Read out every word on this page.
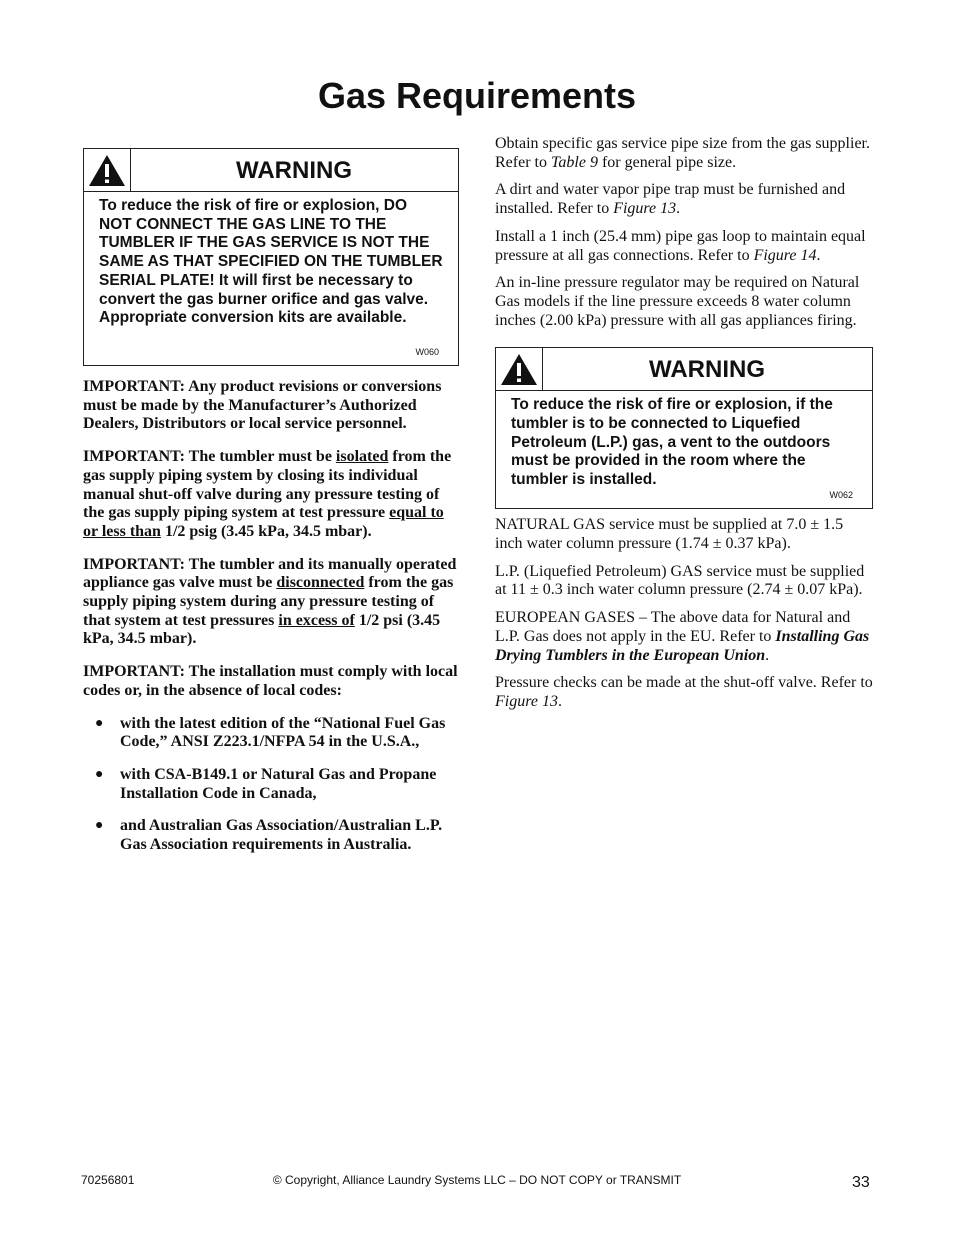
Gas Requirements
WARNING
To reduce the risk of fire or explosion, DO NOT CONNECT THE GAS LINE TO THE TUMBLER IF THE GAS SERVICE IS NOT THE SAME AS THAT SPECIFIED ON THE TUMBLER SERIAL PLATE! It will first be necessary to convert the gas burner orifice and gas valve. Appropriate conversion kits are available.
W060

IMPORTANT: Any product revisions or conversions must be made by the Manufacturer’s Authorized Dealers, Distributors or local service personnel.

IMPORTANT: The tumbler must be isolated from the gas supply piping system by closing its individual manual shut-off valve during any pressure testing of the gas supply piping system at test pressure equal to or less than 1/2 psig (3.45 kPa, 34.5 mbar).

IMPORTANT: The tumbler and its manually operated appliance gas valve must be disconnected from the gas supply piping system during any pressure testing of that system at test pressures in excess of 1/2 psi (3.45 kPa, 34.5 mbar).

IMPORTANT: The installation must comply with local codes or, in the absence of local codes:

● with the latest edition of the “National Fuel Gas Code,” ANSI Z223.1/NFPA 54 in the U.S.A.,
● with CSA-B149.1 or Natural Gas and Propane Installation Code in Canada,
● and Australian Gas Association/Australian L.P. Gas Association requirements in Australia.

Obtain specific gas service pipe size from the gas supplier. Refer to Table 9 for general pipe size.

A dirt and water vapor pipe trap must be furnished and installed. Refer to Figure 13.

Install a 1 inch (25.4 mm) pipe gas loop to maintain equal pressure at all gas connections. Refer to Figure 14.

An in-line pressure regulator may be required on Natural Gas models if the line pressure exceeds 8 water column inches (2.00 kPa) pressure with all gas appliances firing.

WARNING
To reduce the risk of fire or explosion, if the tumbler is to be connected to Liquefied Petroleum (L.P.) gas, a vent to the outdoors must be provided in the room where the tumbler is installed.
W062

NATURAL GAS service must be supplied at 7.0 ± 1.5 inch water column pressure (1.74 ± 0.37 kPa).

L.P. (Liquefied Petroleum) GAS service must be supplied at 11 ± 0.3 inch water column pressure (2.74 ± 0.07 kPa).

EUROPEAN GASES – The above data for Natural and L.P. Gas does not apply in the EU. Refer to Installing Gas Drying Tumblers in the European Union.

Pressure checks can be made at the shut-off valve. Refer to Figure 13.

70256801	© Copyright, Alliance Laundry Systems LLC – DO NOT COPY or TRANSMIT	33
